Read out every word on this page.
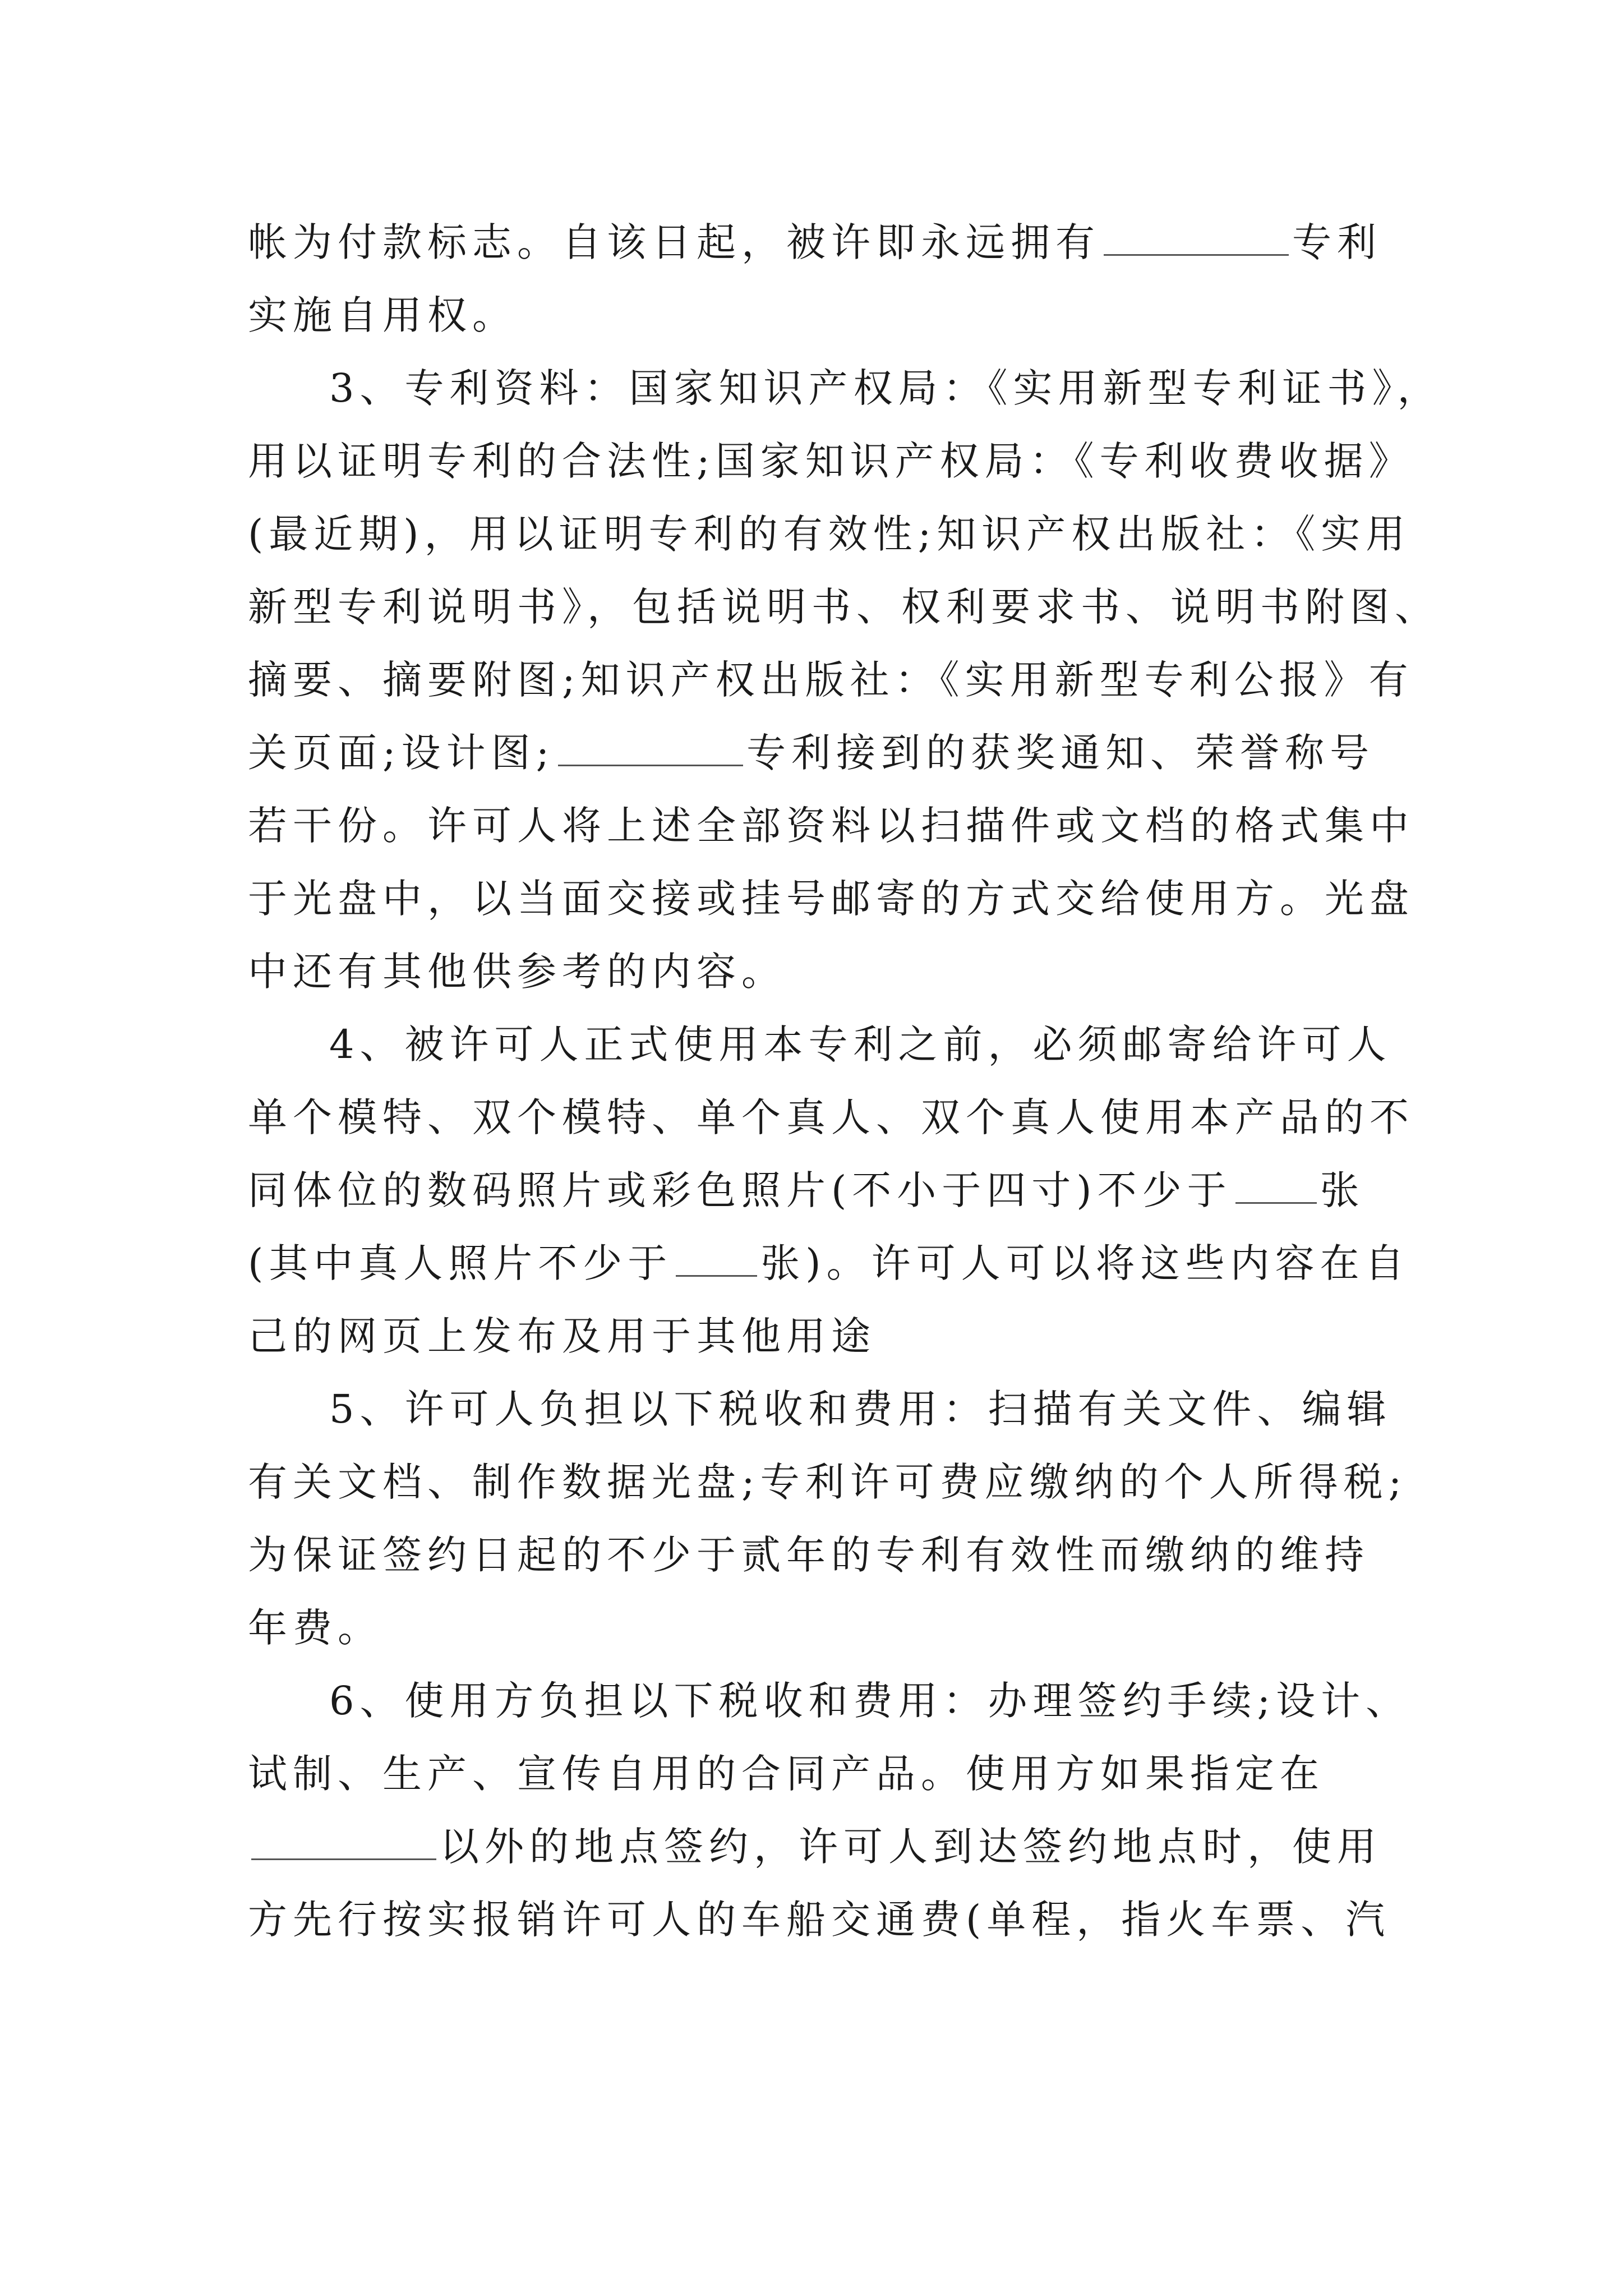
帐为付款标志。自该日起，被许即永远拥有	专利
实施自用权。
3、专利资料：国家知识产权局：《实用新型专利证书》，
用以证明专利的合法性;国家知识产权局：《专利收费收据》
(最近期)，用以证明专利的有效性;知识产权出版社：《实用
新型专利说明书》，包括说明书、权利要求书、说明书附图、
摘要、摘要附图;知识产权出版社：《实用新型专利公报》有
关页面;设计图;	专利接到的获奖通知、荣誉称号
若干份。许可人将上述全部资料以扫描件或文档的格式集中
于光盘中，以当面交接或挂号邮寄的方式交给使用方。光盘
中还有其他供参考的内容。
4、被许可人正式使用本专利之前，必须邮寄给许可人
单个模特、双个模特、单个真人、双个真人使用本产品的不
同体位的数码照片或彩色照片(不小于四寸)不少于 张
(其中真人照片不少于 张)。许可人可以将这些内容在自
己的网页上发布及用于其他用途
5、许可人负担以下税收和费用：扫描有关文件、编辑
有关文档、制作数据光盘;专利许可费应缴纳的个人所得税;
为保证签约日起的不少于贰年的专利有效性而缴纳的维持
年费。
6、使用方负担以下税收和费用：办理签约手续;设计、
试制、生产、宣传自用的合同产品。使用方如果指定在
以外的地点签约，许可人到达签约地点时，使用
方先行按实报销许可人的车船交通费(单程，指火车票、汽
